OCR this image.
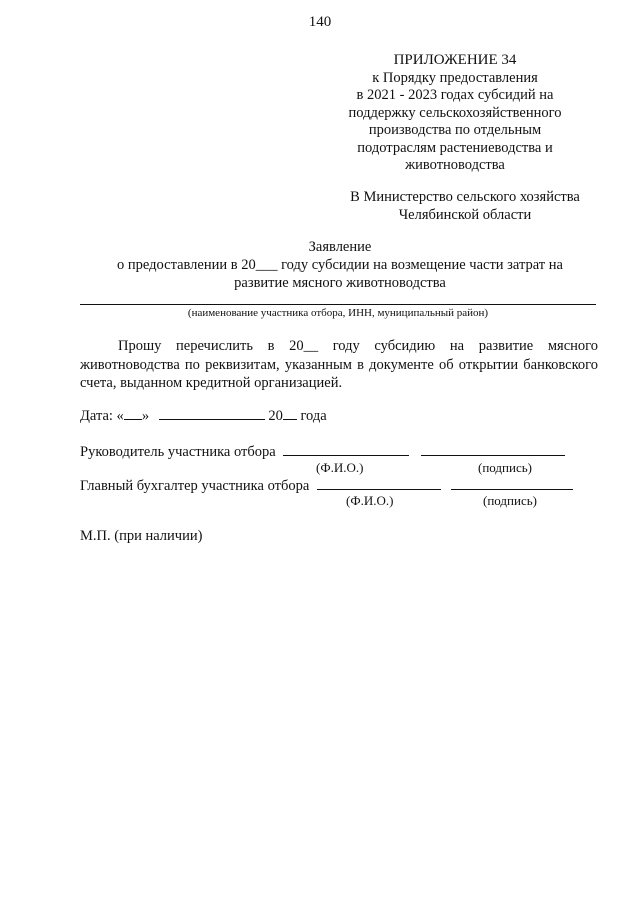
140
ПРИЛОЖЕНИЕ 34
к Порядку предоставления
в 2021 - 2023 годах субсидий на
поддержку сельскохозяйственного
производства по отдельным
подотраслям растениеводства и
животноводства
В Министерство сельского хозяйства
Челябинской области
Заявление
о предоставлении в 20___ году субсидии на возмещение части затрат на
развитие мясного животноводства
(наименование участника отбора, ИНН, муниципальный район)
Прошу перечислить в 20__ году субсидию на развитие мясного животноводства по реквизитам, указанным в документе об открытии банковского счета, выданном кредитной организацией.
Дата: « »	20 года
Руководитель участника отбора
(Ф.И.О.)	(подпись)
Главный бухгалтер участника отбора
(Ф.И.О.)	(подпись)
М.П. (при наличии)
